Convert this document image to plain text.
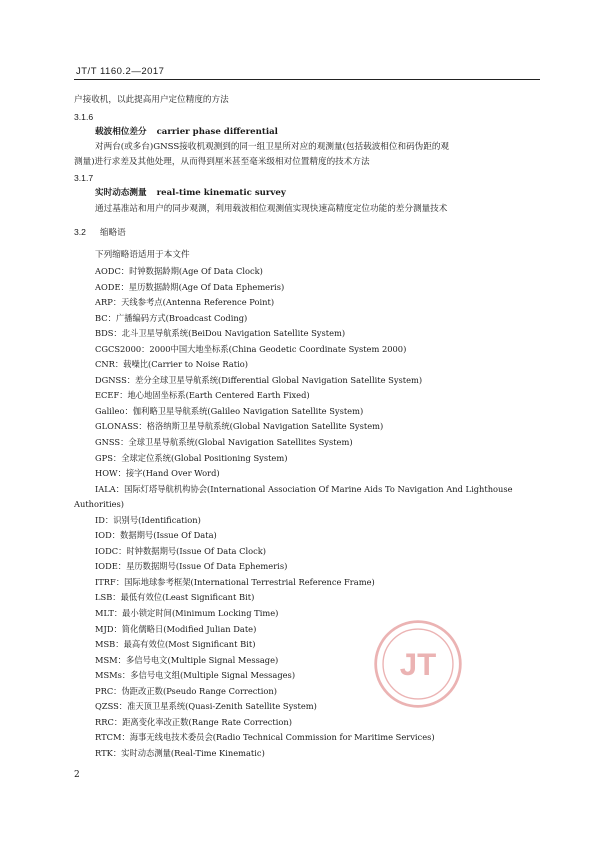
JT/T 1160.2—2017
户接收机，以此提高用户定位精度的方法
3.1.6
载波相位差分 carrier phase differential
对两台(或多台)GNSS接收机观测到的同一组卫星所对应的观测量(包括载波相位和码伪距的观
测量)进行求差及其他处理，从而得到厘米甚至毫米级相对位置精度的技术方法
3.1.7
实时动态测量 real-time kinematic survey
通过基准站和用户的同步观测，利用载波相位观测值实现快速高精度定位功能的差分测量技术
3.2 缩略语
下列缩略语适用于本文件
AODC：时钟数据龄期(Age Of Data Clock)
AODE：星历数据龄期(Age Of Data Ephemeris)
ARP：天线参考点(Antenna Reference Point)
BC：广播编码方式(Broadcast Coding)
BDS：北斗卫星导航系统(BeiDou Navigation Satellite System)
CGCS2000：2000中国大地坐标系(China Geodetic Coordinate System 2000)
CNR：载噪比(Carrier to Noise Ratio)
DGNSS：差分全球卫星导航系统(Differential Global Navigation Satellite System)
ECEF：地心地固坐标系(Earth Centered Earth Fixed)
Galileo：伽利略卫星导航系统(Galileo Navigation Satellite System)
GLONASS：格洛纳斯卫星导航系统(Global Navigation Satellite System)
GNSS：全球卫星导航系统(Global Navigation Satellites System)
GPS：全球定位系统(Global Positioning System)
HOW：接字(Hand Over Word)
IALA：国际灯塔导航机构协会(International Association Of Marine Aids To Navigation And Lighthouse
Authorities)
ID：识别号(Identification)
IOD：数据期号(Issue Of Data)
IODC：时钟数据期号(Issue Of Data Clock)
IODE：星历数据期号(Issue Of Data Ephemeris)
ITRF：国际地球参考框架(International Terrestrial Reference Frame)
LSB：最低有效位(Least Significant Bit)
MLT：最小锁定时间(Minimum Locking Time)
MJD：简化儒略日(Modified Julian Date)
MSB：最高有效位(Most Significant Bit)
MSM：多信号电文(Multiple Signal Message)
MSMs：多信号电文组(Multiple Signal Messages)
PRC：伪距改正数(Pseudo Range Correction)
QZSS：准天顶卫星系统(Quasi-Zenith Satellite System)
RRC：距离变化率改正数(Range Rate Correction)
RTCM：海事无线电技术委员会(Radio Technical Commission for Maritime Services)
RTK：实时动态测量(Real-Time Kinematic)
2
JT
